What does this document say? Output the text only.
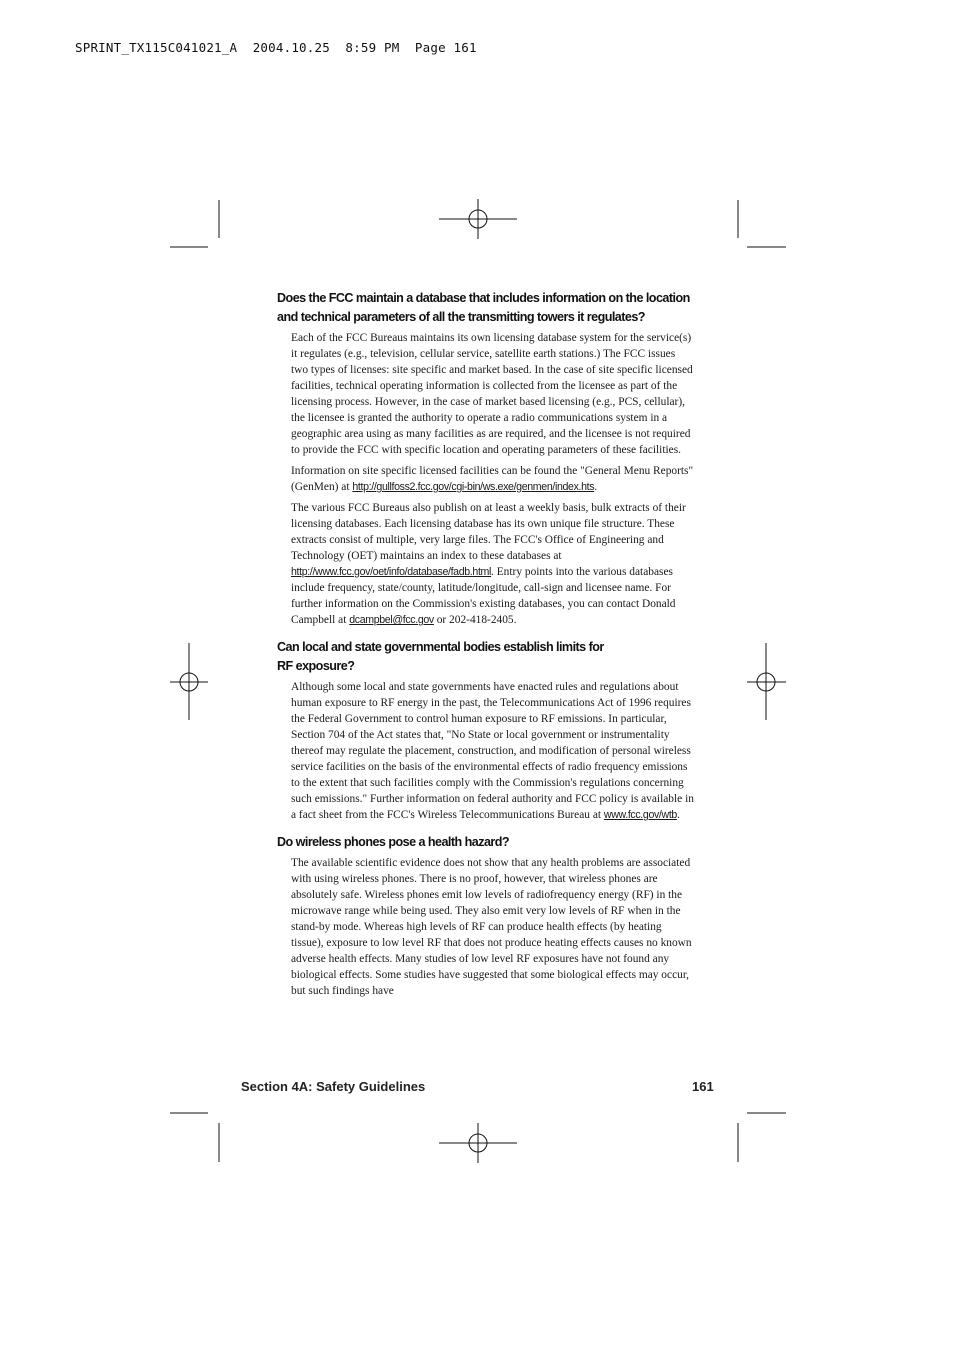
SPRINT_TX115C041021_A  2004.10.25  8:59 PM  Page 161
Does the FCC maintain a database that includes information on the location and technical parameters of all the transmitting towers it regulates?

Each of the FCC Bureaus maintains its own licensing database system for the service(s) it regulates (e.g., television, cellular service, satellite earth stations.) The FCC issues two types of licenses: site specific and market based. In the case of site specific licensed facilities, technical operating information is collected from the licensee as part of the licensing process. However, in the case of market based licensing (e.g., PCS, cellular), the licensee is granted the authority to operate a radio communications system in a geographic area using as many facilities as are required, and the licensee is not required to provide the FCC with specific location and operating parameters of these facilities.

Information on site specific licensed facilities can be found the "General Menu Reports" (GenMen) at http://gullfoss2.fcc.gov/cgi-bin/ws.exe/genmen/index.hts.

The various FCC Bureaus also publish on at least a weekly basis, bulk extracts of their licensing databases. Each licensing database has its own unique file structure. These extracts consist of multiple, very large files. The FCC's Office of Engineering and Technology (OET) maintains an index to these databases at http://www.fcc.gov/oet/info/database/fadb.html. Entry points into the various databases include frequency, state/county, latitude/longitude, call-sign and licensee name. For further information on the Commission's existing databases, you can contact Donald Campbell at dcampbel@fcc.gov or 202-418-2405.

Can local and state governmental bodies establish limits for
RF exposure?

Although some local and state governments have enacted rules and regulations about human exposure to RF energy in the past, the Telecommunications Act of 1996 requires the Federal Government to control human exposure to RF emissions. In particular, Section 704 of the Act states that, "No State or local government or instrumentality thereof may regulate the placement, construction, and modification of personal wireless service facilities on the basis of the environmental effects of radio frequency emissions to the extent that such facilities comply with the Commission's regulations concerning such emissions." Further information on federal authority and FCC policy is available in a fact sheet from the FCC's Wireless Telecommunications Bureau at www.fcc.gov/wtb.

Do wireless phones pose a health hazard?

The available scientific evidence does not show that any health problems are associated with using wireless phones. There is no proof, however, that wireless phones are absolutely safe. Wireless phones emit low levels of radiofrequency energy (RF) in the microwave range while being used. They also emit very low levels of RF when in the stand-by mode. Whereas high levels of RF can produce health effects (by heating tissue), exposure to low level RF that does not produce heating effects causes no known adverse health effects. Many studies of low level RF exposures have not found any biological effects. Some studies have suggested that some biological effects may occur, but such findings have

Section 4A: Safety Guidelines	161
